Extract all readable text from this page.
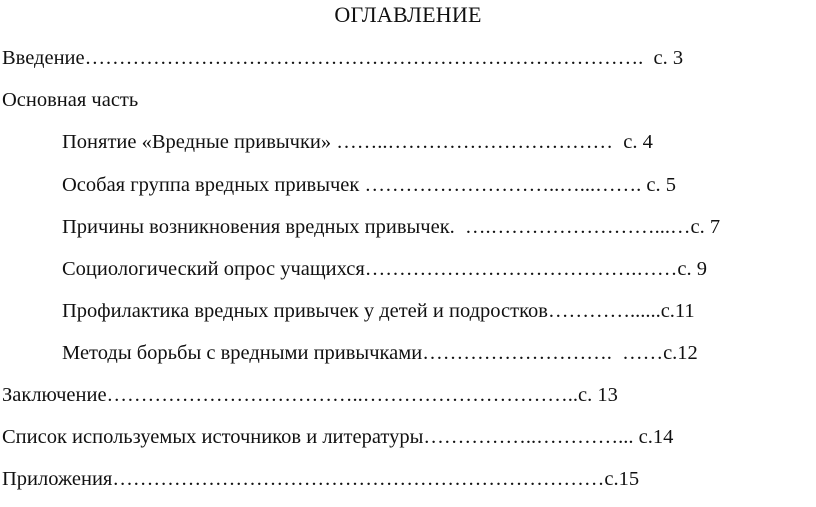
ОГЛАВЛЕНИЕ
Введение……………………………………………………………………….  с. 3
Основная часть
Понятие «Вредные привычки» ……..……………………………  с. 4
Особая группа вредных привычек ………………………..…...……. с. 5
Причины возникновения вредных привычек.  ….……………………...…с. 7
Социологический опрос учащихся………………………………….……с. 9
Профилактика вредных привычек у детей и подростков…………......с.11
Методы борьбы с вредными привычками……………………….  ……с.12
Заключение………………………………..…………………………..с. 13
Список используемых источников и литературы……………..…………... с.14
Приложения………………………………………………………………с.15
